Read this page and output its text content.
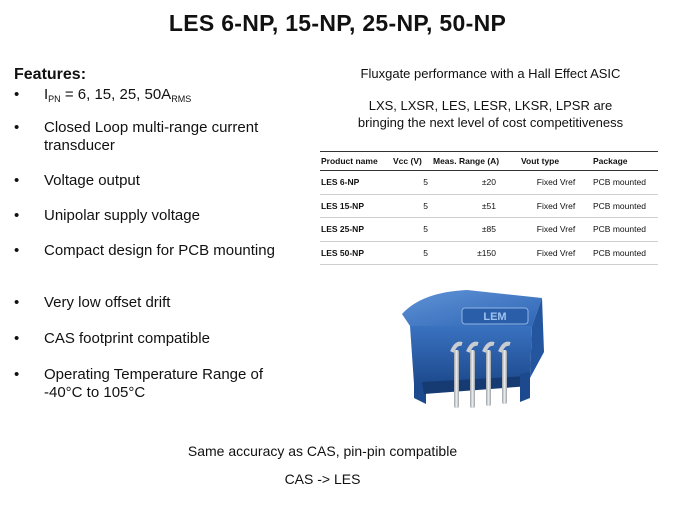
LES 6-NP, 15-NP, 25-NP, 50-NP
Features:
• $I_{PN} = 6$, 15, 25, $50A_{RMS}$
• Closed Loop multi-range current transducer
• Voltage output
• Unipolar supply voltage
• Compact design for PCB mounting
• Very low offset drift
• CAS footprint compatible
• Operating Temperature Range of -40°C to 105°C
Fluxgate performance with a Hall Effect ASIC
LXS, LXSR, LES, LESR, LKSR, LPSR are
bringing the next level of cost competitiveness
Product name	Vcc (V)	Meas. Range (A)	Vout type	Package
LES 6-NP	5	±20	Fixed Vref	PCB mounted
LES 15-NP	5	±51	Fixed Vref	PCB mounted
LES 25-NP	5	±85	Fixed Vref	PCB mounted
LES 50-NP	5	±150	Fixed Vref	PCB mounted
LEM
Same accuracy as CAS, pin-pin compatible
CAS -> LES
